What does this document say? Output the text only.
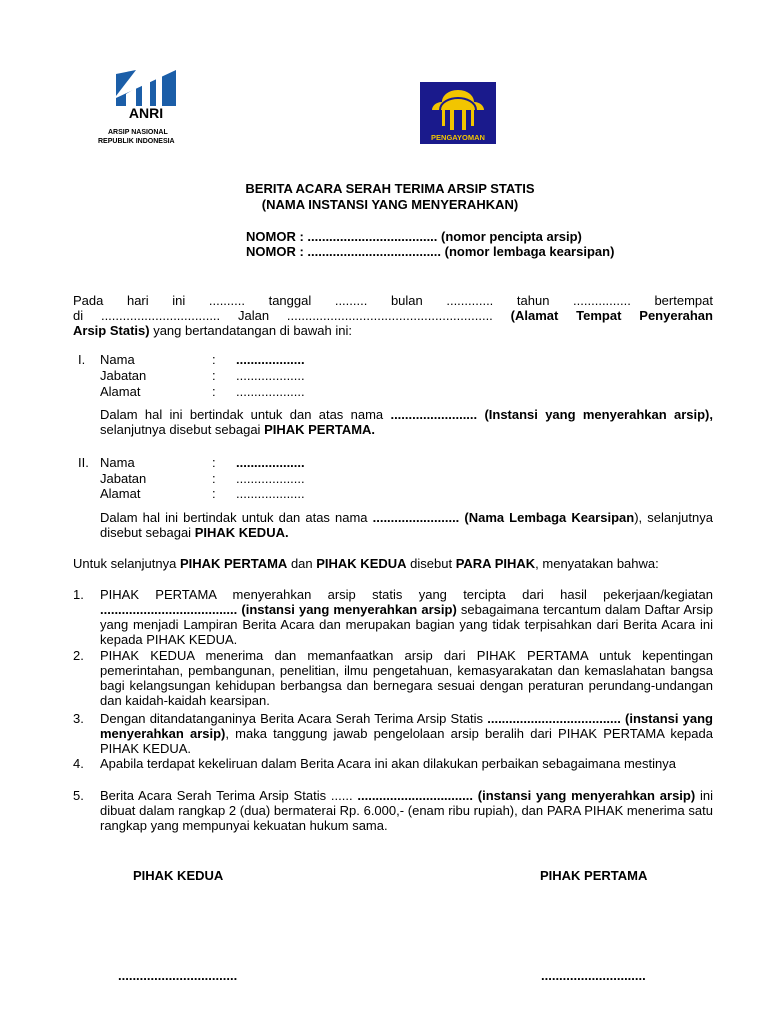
ANRI
ARSIP NASIONAL
REPUBLIK INDONESIA	PENGAYOMAN
BERITA ACARA SERAH TERIMA ARSIP STATIS
(NAMA INSTANSI YANG MENYERAHKAN)
NOMOR : .................................... (nomor pencipta arsip)
NOMOR : ..................................... (nomor lembaga kearsipan)
Pada hari ini .......... tanggal ......... bulan ............. tahun ................ bertempat
di ................................. Jalan ......................................................... (Alamat Tempat Penyerahan
Arsip Statis) yang bertandatangan di bawah ini:
I. Nama	: ...................
Jabatan	: ...................
Alamat	: ...................
Dalam hal ini bertindak untuk dan atas nama ........................ (Instansi yang menyerahkan arsip), selanjutnya disebut sebagai PIHAK PERTAMA.
II. Nama	: ...................
Jabatan	: ...................
Alamat	: ...................
Dalam hal ini bertindak untuk dan atas nama ........................ (Nama Lembaga Kearsipan), selanjutnya disebut sebagai PIHAK KEDUA.
Untuk selanjutnya PIHAK PERTAMA dan PIHAK KEDUA disebut PARA PIHAK, menyatakan bahwa:
1. PIHAK PERTAMA menyerahkan arsip statis yang tercipta dari hasil pekerjaan/kegiatan ...................................... (instansi yang menyerahkan arsip) sebagaimana tercantum dalam Daftar Arsip yang menjadi Lampiran Berita Acara dan merupakan bagian yang tidak terpisahkan dari Berita Acara ini kepada PIHAK KEDUA.
2. PIHAK KEDUA menerima dan memanfaatkan arsip dari PIHAK PERTAMA untuk kepentingan pemerintahan, pembangunan, penelitian, ilmu pengetahuan, kemasyarakatan dan kemaslahatan bangsa bagi kelangsungan kehidupan berbangsa dan bernegara sesuai dengan peraturan perundang-undangan dan kaidah-kaidah kearsipan.
3. Dengan ditandatanganinya Berita Acara Serah Terima Arsip Statis ..................................... (instansi yang menyerahkan arsip), maka tanggung jawab pengelolaan arsip beralih dari PIHAK PERTAMA kepada PIHAK KEDUA.
4. Apabila terdapat kekeliruan dalam Berita Acara ini akan dilakukan perbaikan sebagaimana mestinya
5. Berita Acara Serah Terima Arsip Statis ...... ................................ (instansi yang menyerahkan arsip) ini dibuat dalam rangkap 2 (dua) bermaterai Rp. 6.000,- (enam ribu rupiah), dan PARA PIHAK menerima satu rangkap yang mempunyai kekuatan hukum sama.
PIHAK KEDUA	PIHAK PERTAMA
.................................	.............................
